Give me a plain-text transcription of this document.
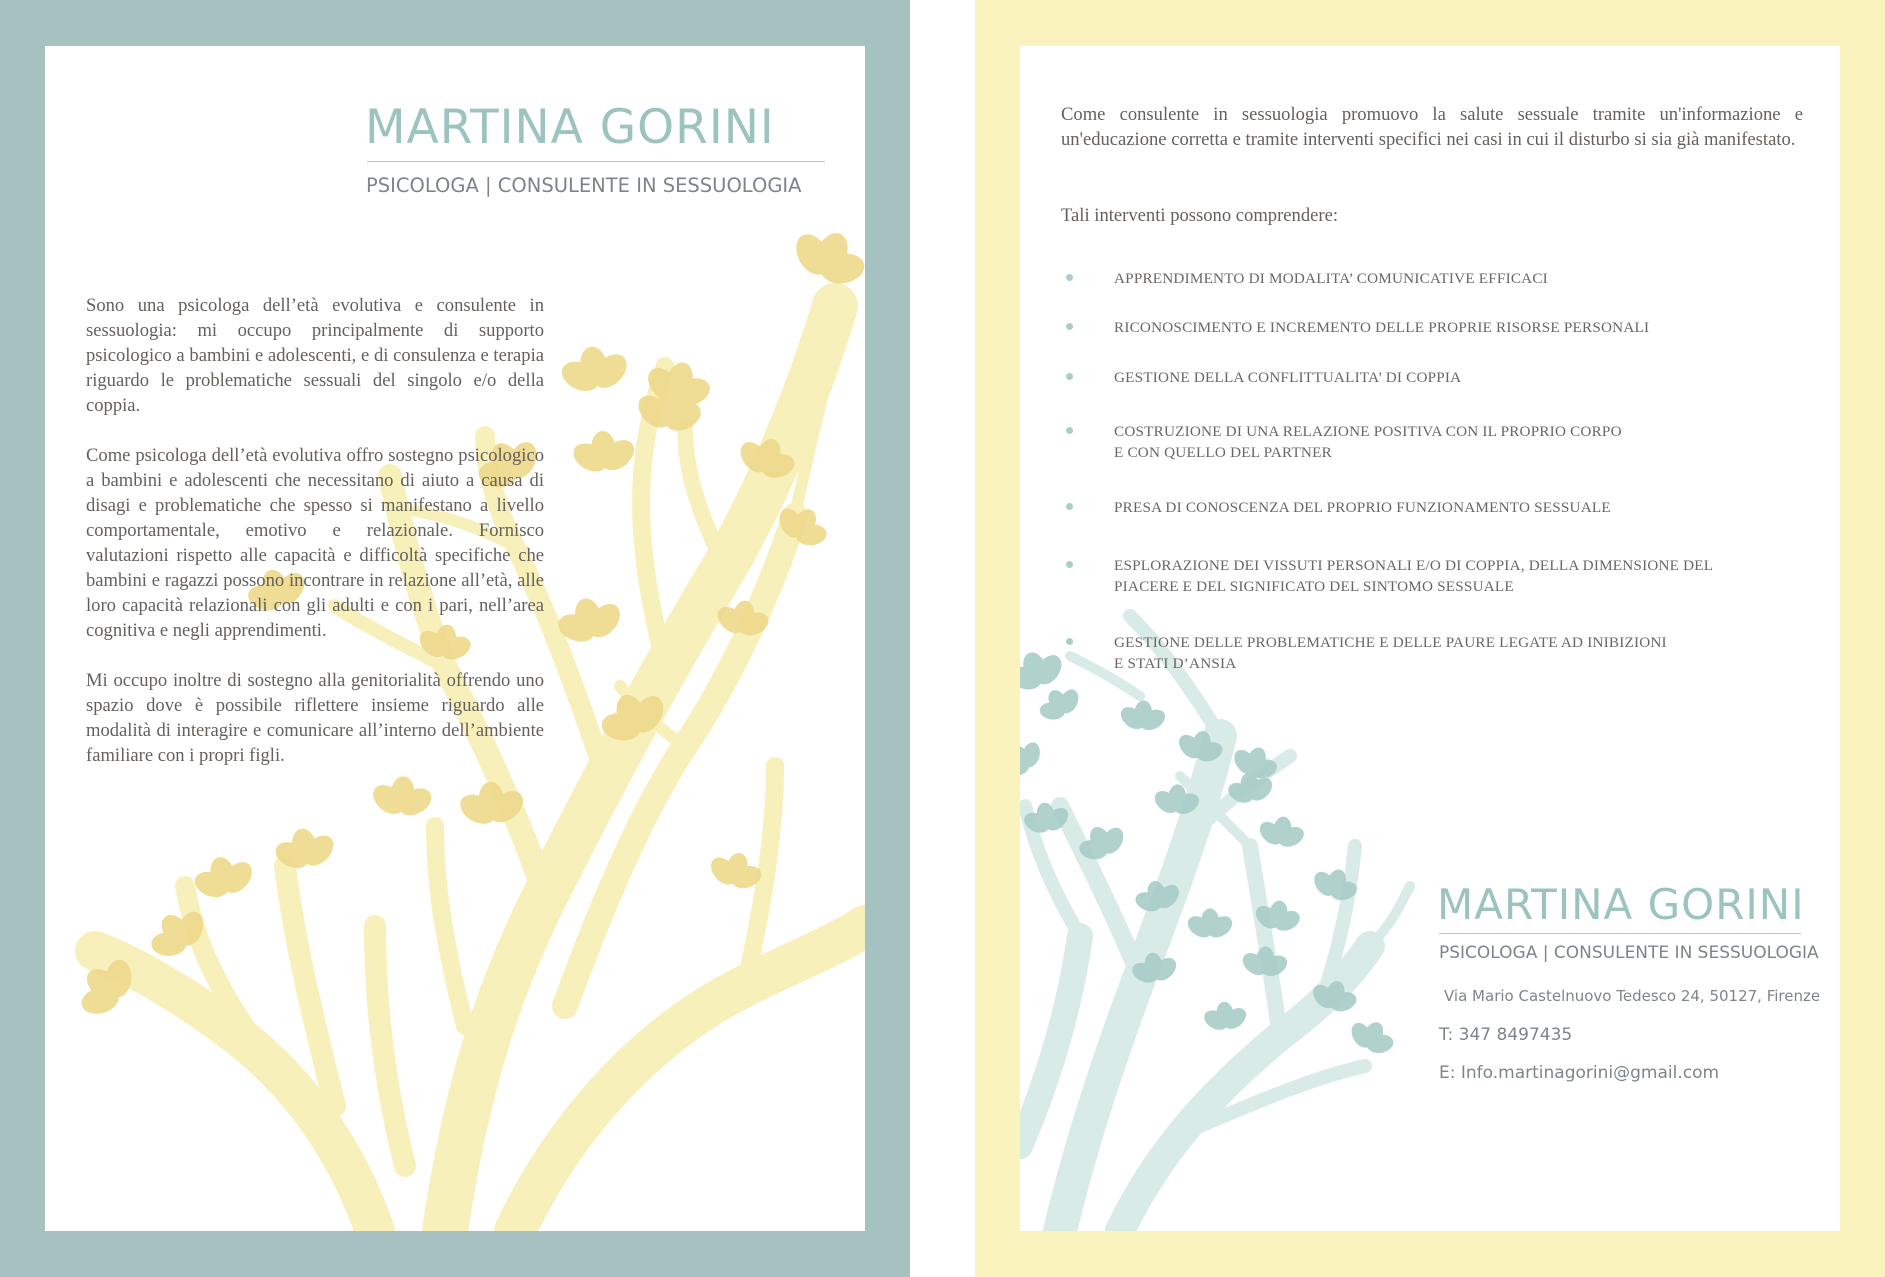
MARTINA GORINI
PSICOLOGA | CONSULENTE IN SESSUOLOGIA

Sono una psicologa dell’età evolutiva e consulente in sessuologia: mi occupo principalmente di supporto psicologico a bambini e adolescenti, e di consulenza e terapia riguardo le problematiche sessuali del singolo e/o della coppia.

Come psicologa dell’età evolutiva offro sostegno psicologico a bambini e adolescenti che necessitano di aiuto a causa di disagi e problematiche che spesso si manifestano a livello comportamentale, emotivo e relazionale. Fornisco valutazioni rispetto alle capacità e difficoltà specifiche che bambini e ragazzi possono incontrare in relazione all’età, alle loro capacità relazionali con gli adulti e con i pari, nell’area cognitiva e negli apprendimenti.

Mi occupo inoltre di sostegno alla genitorialità offrendo uno spazio dove è possibile riflettere insieme riguardo alle modalità di interagire e comunicare all’interno dell’ambiente familiare con i propri figli.

Come consulente in sessuologia promuovo la salute sessuale tramite un'informazione e un'educazione corretta e tramite interventi specifici nei casi in cui il disturbo si sia già manifestato.

Tali interventi possono comprendere:

APPRENDIMENTO DI MODALITA’ COMUNICATIVE EFFICACI
RICONOSCIMENTO E INCREMENTO DELLE PROPRIE RISORSE PERSONALI
GESTIONE DELLA CONFLITTUALITA’ DI COPPIA
COSTRUZIONE DI UNA RELAZIONE POSITIVA CON IL PROPRIO CORPO
E CON QUELLO DEL PARTNER
PRESA DI CONOSCENZA DEL PROPRIO FUNZIONAMENTO SESSUALE
ESPLORAZIONE DEI VISSUTI PERSONALI E/O DI COPPIA, DELLA DIMENSIONE DEL
PIACERE E DEL SIGNIFICATO DEL SINTOMO SESSUALE
GESTIONE DELLE PROBLEMATICHE E DELLE PAURE LEGATE AD INIBIZIONI
E STATI D’ANSIA
MARTINA GORINI
PSICOLOGA | CONSULENTE IN SESSUOLOGIA
Via Mario Castelnuovo Tedesco 24, 50127, Firenze
T: 347 8497435
E: Info.martinagorini@gmail.com
